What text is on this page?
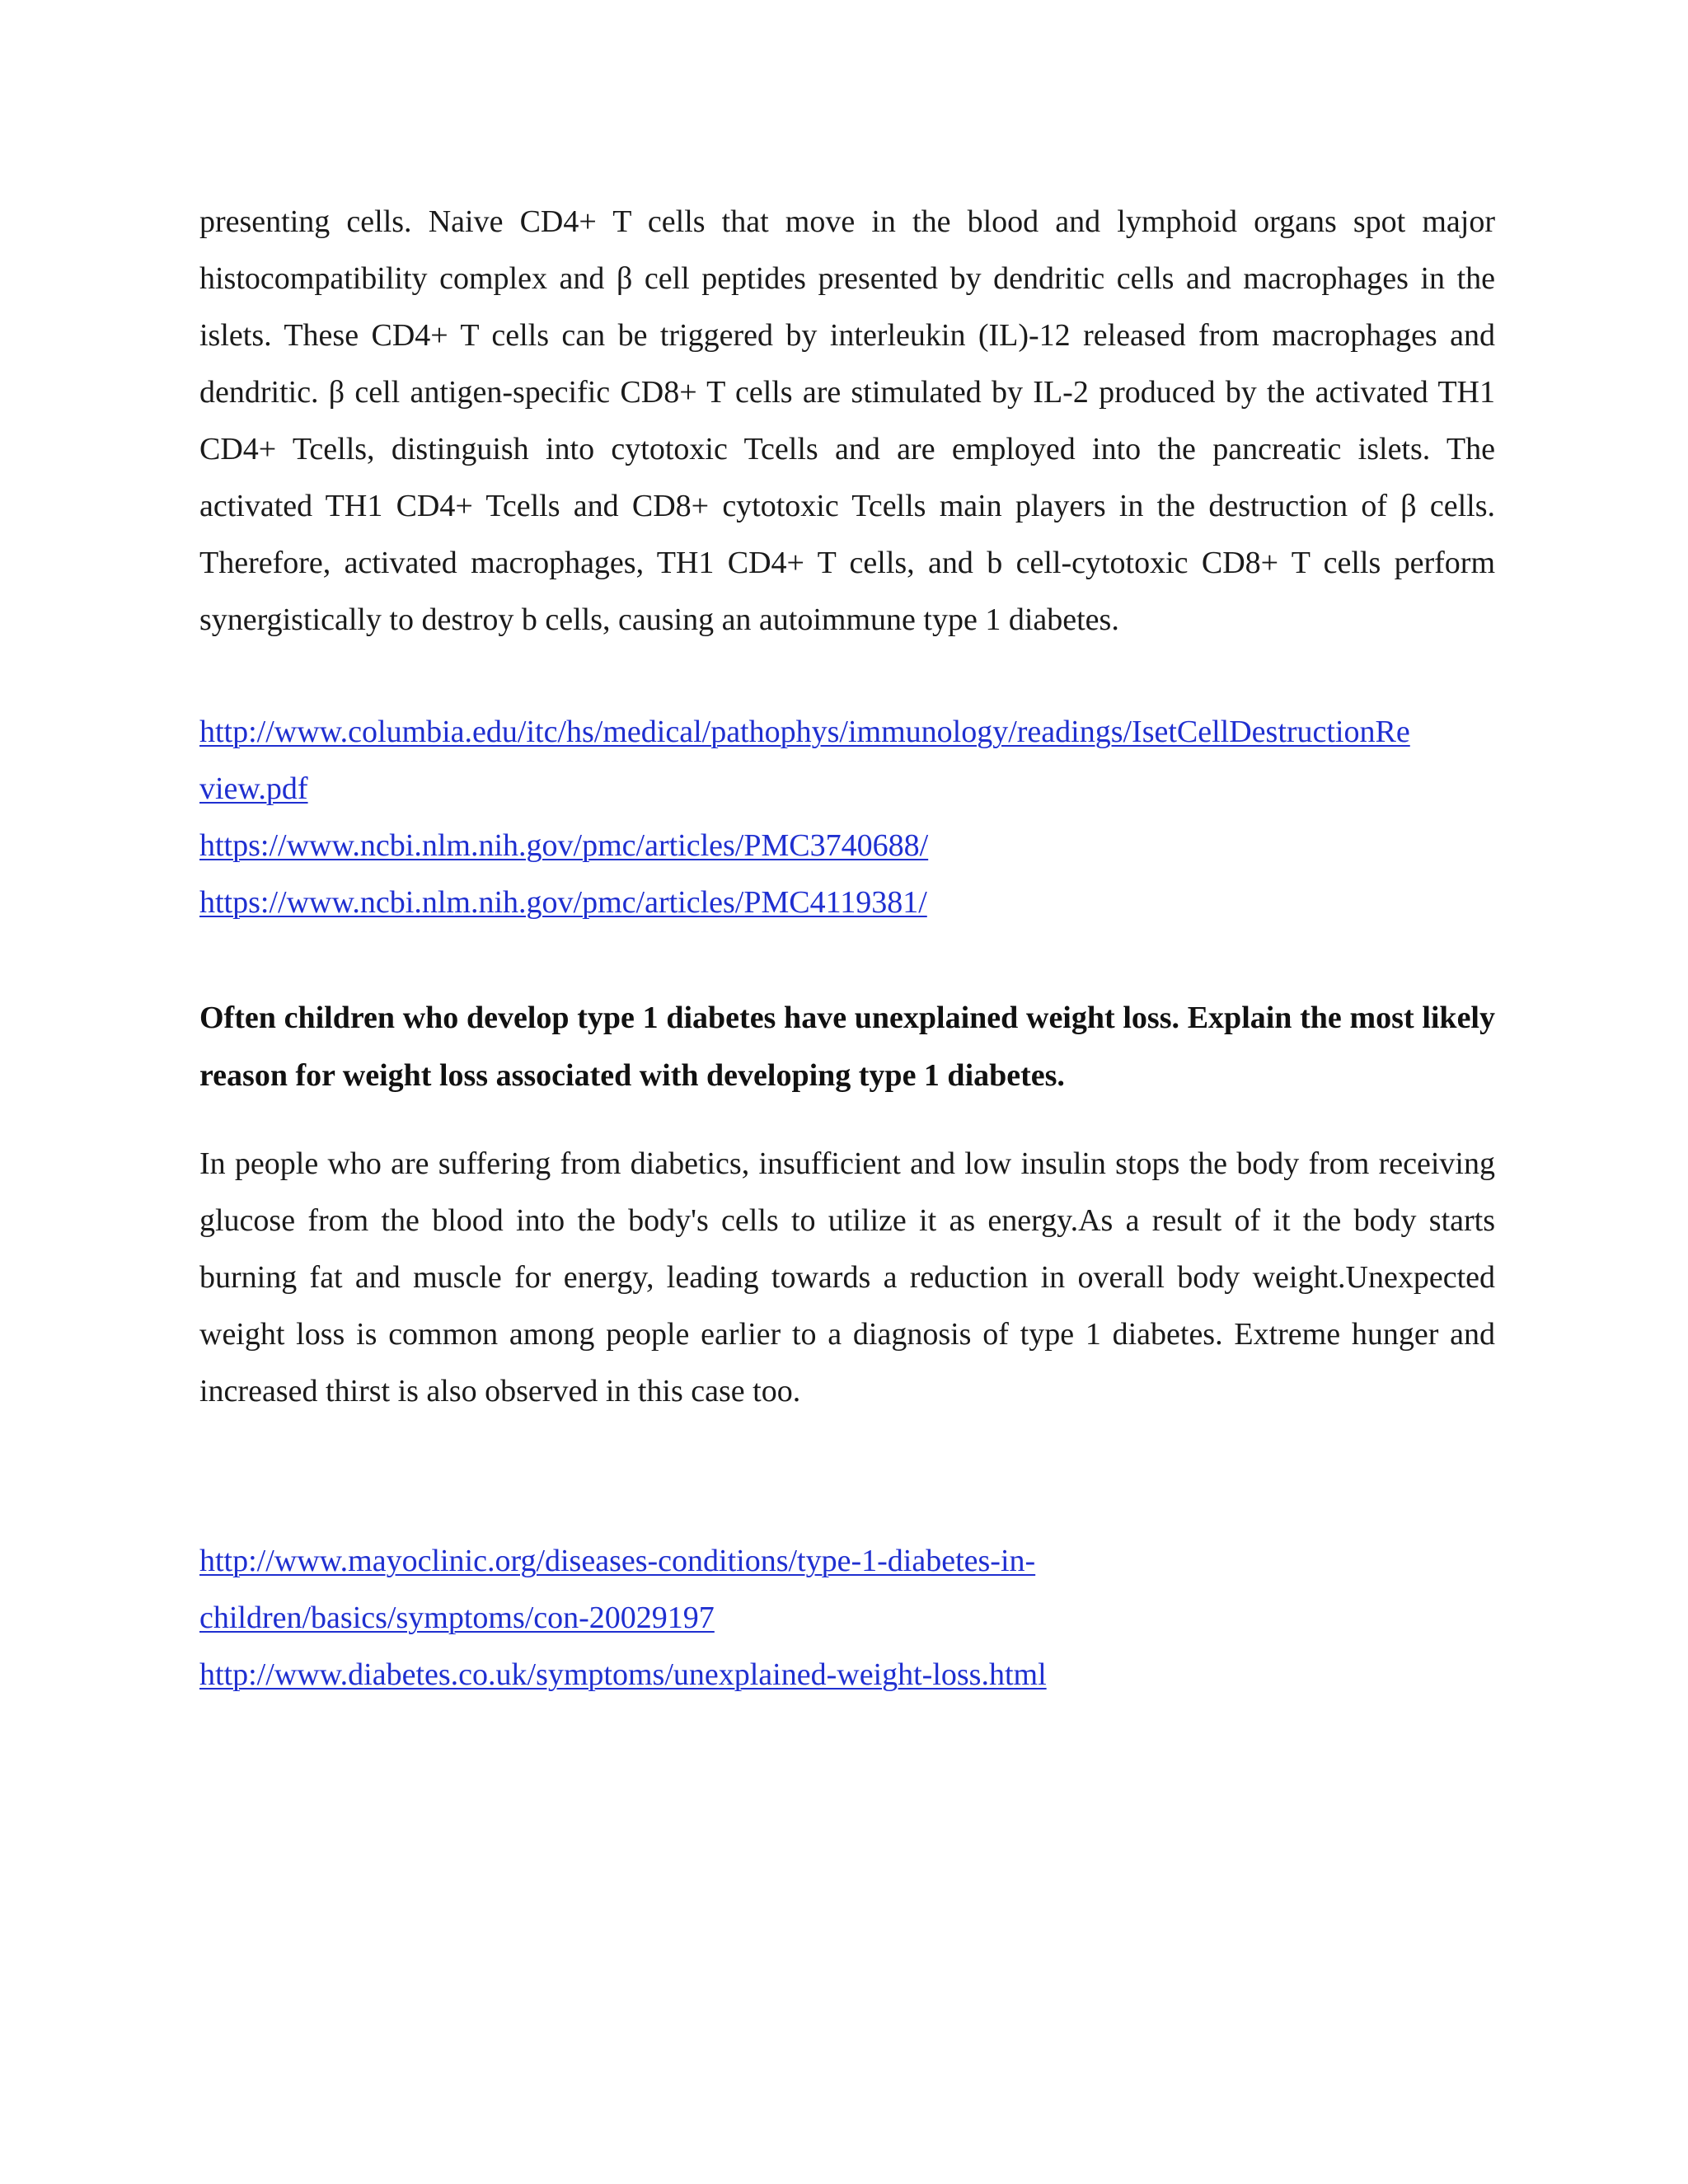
presenting cells. Naive CD4+ T cells that move in the blood and lymphoid organs spot major histocompatibility complex and β cell peptides presented by dendritic cells and macrophages in the islets. These CD4+ T cells can be triggered by interleukin (IL)-12 released from macrophages and dendritic. β cell antigen-specific CD8+ T cells are stimulated by IL-2 produced by the activated TH1 CD4+ Tcells, distinguish into cytotoxic Tcells and are employed into the pancreatic islets. The activated TH1 CD4+ Tcells and CD8+ cytotoxic Tcells main players in the destruction of β cells. Therefore, activated macrophages, TH1 CD4+ T cells, and b cell-cytotoxic CD8+ T cells perform synergistically to destroy b cells, causing an autoimmune type 1 diabetes.

http://www.columbia.edu/itc/hs/medical/pathophys/immunology/readings/IsetCellDestructionRe
view.pdf
https://www.ncbi.nlm.nih.gov/pmc/articles/PMC3740688/
https://www.ncbi.nlm.nih.gov/pmc/articles/PMC4119381/

Often children who develop type 1 diabetes have unexplained weight loss. Explain the most likely reason for weight loss associated with developing type 1 diabetes.

In people who are suffering from diabetics, insufficient and low insulin stops the body from receiving glucose from the blood into the body's cells to utilize it as energy.As a result of it the body starts burning fat and muscle for energy, leading towards a reduction in overall body weight.Unexpected weight loss is common among people earlier to a diagnosis of type 1 diabetes. Extreme hunger and increased thirst is also observed in this case too.

http://www.mayoclinic.org/diseases-conditions/type-1-diabetes-in-
children/basics/symptoms/con-20029197
http://www.diabetes.co.uk/symptoms/unexplained-weight-loss.html
